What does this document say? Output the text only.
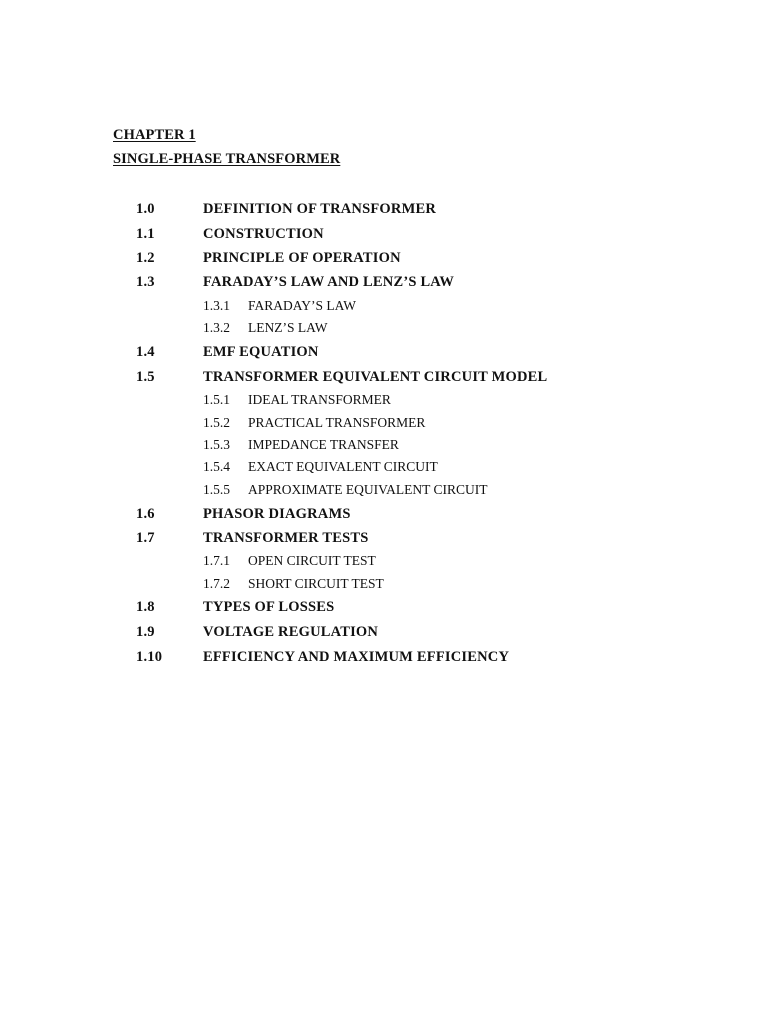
CHAPTER 1
SINGLE-PHASE TRANSFORMER
1.0	DEFINITION OF TRANSFORMER
1.1	CONSTRUCTION
1.2	PRINCIPLE OF OPERATION
1.3	FARADAY’S LAW AND LENZ’S LAW
1.3.1 FARADAY’S LAW
1.3.2 LENZ’S LAW
1.4	EMF EQUATION
1.5	TRANSFORMER EQUIVALENT CIRCUIT MODEL
1.5.1 IDEAL TRANSFORMER
1.5.2 PRACTICAL TRANSFORMER
1.5.3 IMPEDANCE TRANSFER
1.5.4 EXACT EQUIVALENT CIRCUIT
1.5.5 APPROXIMATE EQUIVALENT CIRCUIT
1.6	PHASOR DIAGRAMS
1.7	TRANSFORMER TESTS
1.7.1 OPEN CIRCUIT TEST
1.7.2 SHORT CIRCUIT TEST
1.8	TYPES OF LOSSES
1.9	VOLTAGE REGULATION
1.10	EFFICIENCY AND MAXIMUM EFFICIENCY
